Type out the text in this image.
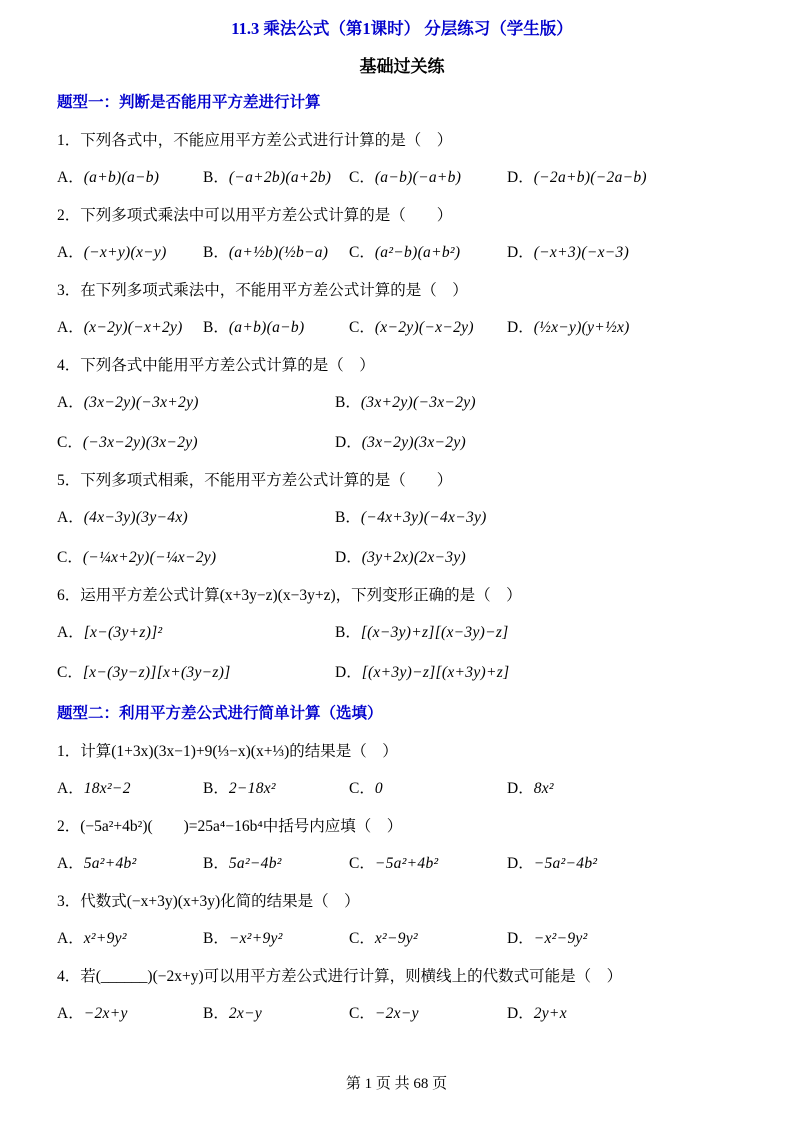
11.3 乘法公式（第1课时） 分层练习（学生版）
基础过关练
题型一：判断是否能用平方差进行计算
1．下列各式中，不能应用平方差公式进行计算的是（　）
A．(a+b)(a−b)	B．(−a+2b)(a+2b)	C．(a−b)(−a+b)	D．(−2a+b)(−2a−b)
2．下列多项式乘法中可以用平方差公式计算的是（　　）
A．(−x+y)(x−y)	B．(a+½b)(½b−a)	C．(a²−b)(a+b²)	D．(−x+3)(−x−3)
3．在下列多项式乘法中，不能用平方差公式计算的是（　）
A．(x−2y)(−x+2y)	B．(a+b)(a−b)	C．(x−2y)(−x−2y)	D．(½x−y)(y+½x)
4．下列各式中能用平方差公式计算的是（　）
A．(3x−2y)(−3x+2y)	B．(3x+2y)(−3x−2y)
C．(−3x−2y)(3x−2y)	D．(3x−2y)(3x−2y)
5．下列多项式相乘，不能用平方差公式计算的是（　　）
A．(4x−3y)(3y−4x)	B．(−4x+3y)(−4x−3y)
C．(−¼x+2y)(−¼x−2y)	D．(3y+2x)(2x−3y)
6．运用平方差公式计算(x+3y−z)(x−3y+z)，下列变形正确的是（　）
A．[x−(3y+z)]²	B．[(x−3y)+z][(x−3y)−z]
C．[x−(3y−z)][x+(3y−z)]	D．[(x+3y)−z][(x+3y)+z]
题型二：利用平方差公式进行简单计算（选填）
1．计算(1+3x)(3x−1)+9(⅓−x)(x+⅓)的结果是（　）
A．18x²−2	B．2−18x²	C．0	D．8x²
2．(−5a²+4b²)(　　)=25a⁴−16b⁴中括号内应填（　）
A．5a²+4b²	B．5a²−4b²	C．−5a²+4b²	D．−5a²−4b²
3．代数式(−x+3y)(x+3y)化简的结果是（　）
A．x²+9y²	B．−x²+9y²	C．x²−9y²	D．−x²−9y²
4．若(______)(−2x+y)可以用平方差公式进行计算，则横线上的代数式可能是（　）
A．−2x+y	B．2x−y	C．−2x−y	D．2y+x
第 1 页 共 68 页
